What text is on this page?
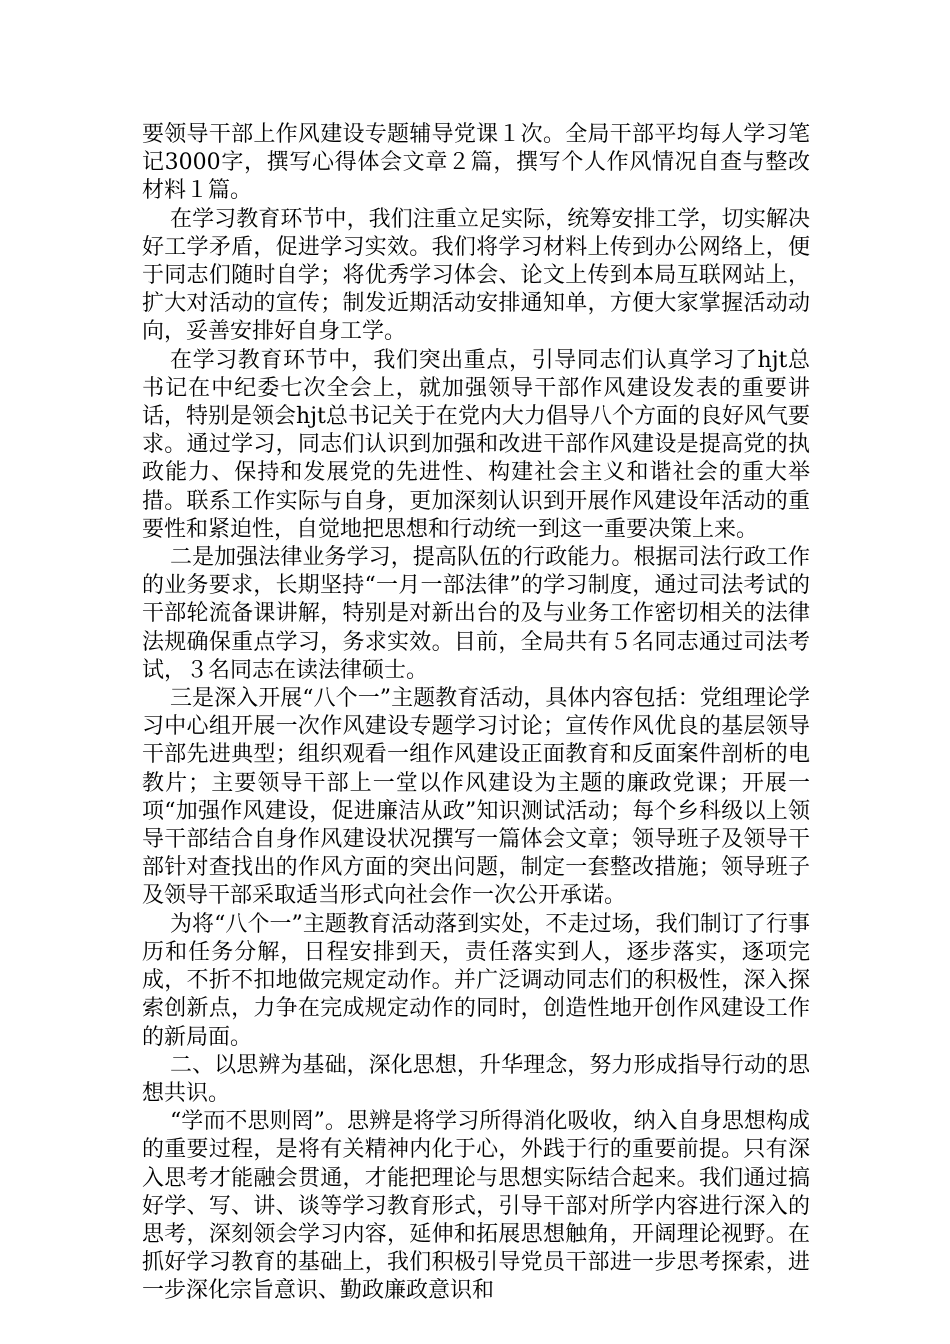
要领导干部上作风建设专题辅导党课１次。全局干部平均每人学习笔记3000字，撰写心得体会文章２篇，撰写个人作风情况自查与整改材料１篇。

在学习教育环节中，我们注重立足实际，统筹安排工学，切实解决好工学矛盾，促进学习实效。我们将学习材料上传到办公网络上，便于同志们随时自学；将优秀学习体会、论文上传到本局互联网站上，扩大对活动的宣传；制发近期活动安排通知单，方便大家掌握活动动向，妥善安排好自身工学。

在学习教育环节中，我们突出重点，引导同志们认真学习了hjt总书记在中纪委七次全会上，就加强领导干部作风建设发表的重要讲话，特别是领会hjt总书记关于在党内大力倡导八个方面的良好风气要求。通过学习，同志们认识到加强和改进干部作风建设是提高党的执政能力、保持和发展党的先进性、构建社会主义和谐社会的重大举措。联系工作实际与自身，更加深刻认识到开展作风建设年活动的重要性和紧迫性，自觉地把思想和行动统一到这一重要决策上来。

二是加强法律业务学习，提高队伍的行政能力。根据司法行政工作的业务要求，长期坚持“一月一部法律”的学习制度，通过司法考试的干部轮流备课讲解，特别是对新出台的及与业务工作密切相关的法律法规确保重点学习，务求实效。目前，全局共有５名同志通过司法考试，３名同志在读法律硕士。

三是深入开展“八个一”主题教育活动，具体内容包括：党组理论学习中心组开展一次作风建设专题学习讨论；宣传作风优良的基层领导干部先进典型；组织观看一组作风建设正面教育和反面案件剖析的电教片；主要领导干部上一堂以作风建设为主题的廉政党课；开展一项“加强作风建设，促进廉洁从政”知识测试活动；每个乡科级以上领导干部结合自身作风建设状况撰写一篇体会文章；领导班子及领导干部针对查找出的作风方面的突出问题，制定一套整改措施；领导班子及领导干部采取适当形式向社会作一次公开承诺。

为将“八个一”主题教育活动落到实处，不走过场，我们制订了行事历和任务分解，日程安排到天，责任落实到人，逐步落实，逐项完成，不折不扣地做完规定动作。并广泛调动同志们的积极性，深入探索创新点，力争在完成规定动作的同时，创造性地开创作风建设工作的新局面。

二、以思辨为基础，深化思想，升华理念，努力形成指导行动的思想共识。

“学而不思则罔”。思辨是将学习所得消化吸收，纳入自身思想构成的重要过程，是将有关精神内化于心，外践于行的重要前提。只有深入思考才能融会贯通，才能把理论与思想实际结合起来。我们通过搞好学、写、讲、谈等学习教育形式，引导干部对所学内容进行深入的思考，深刻领会学习内容，延伸和拓展思想触角，开阔理论视野。在抓好学习教育的基础上，我们积极引导党员干部进一步思考探索，进一步深化宗旨意识、勤政廉政意识和
